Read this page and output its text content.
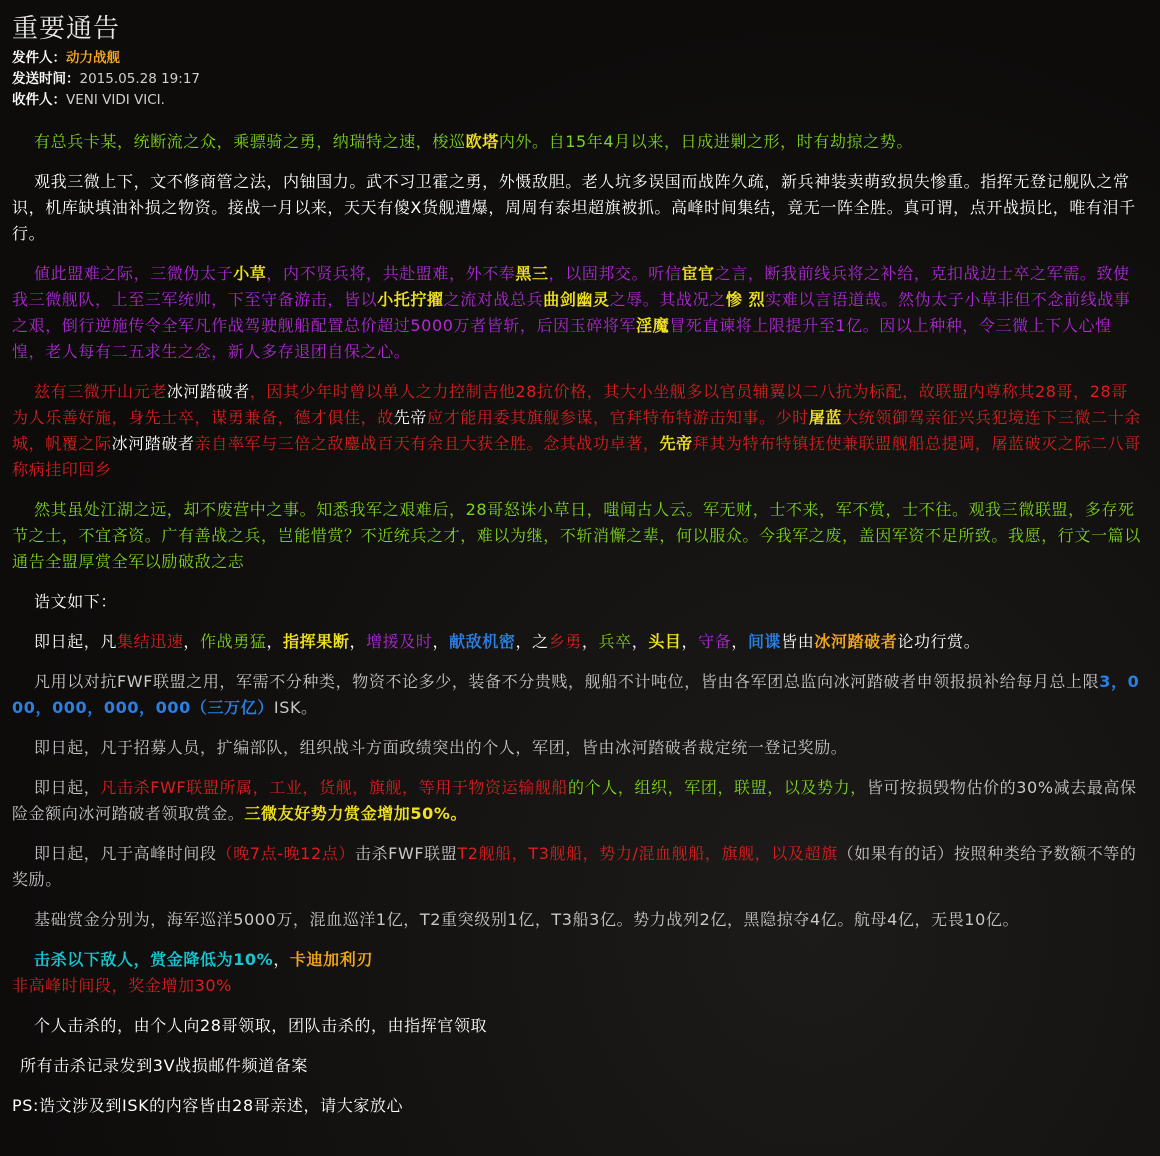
重要通告
发件人：动力战舰
发送时间：2015.05.28 19:17
收件人：VENI VIDI VICI.

有总兵卡某，统断流之众，乘骠骑之勇，纳瑞特之速，梭巡欧塔内外。自15年4月以来，日成进剿之形，时有劫掠之势。

观我三微上下，文不修商管之法，内铀国力。武不习卫霍之勇，外慑敌胆。老人坑多误国而战阵久疏，新兵神装卖萌致损失惨重。指挥无登记舰队之常识，机库缺填油补损之物资。接战一月以来，天天有傻X货舰遭爆，周周有泰坦超旗被抓。高峰时间集结，竟无一阵全胜。真可谓，点开战损比，唯有泪千行。

値此盟难之际，三微伪太子小草，内不贤兵将，共赴盟难，外不奉黑三，以固邦交。听信宦官之言，断我前线兵将之补给，克扣战边士卒之军需。致使我三微舰队，上至三军统帅，下至守备游击，皆以小托拧擢之流对战总兵曲剑幽灵之辱。其战况之惨 烈实难以言语道哉。然伪太子小草非但不念前线战事之艰，倒行逆施传令全军凡作战驾驶舰船配置总价超过5000万者皆斩，后因玉碎将军淫魔冒死直谏将上限提升至1亿。因以上种种，令三微上下人心惶惶，老人每有二五求生之念，新人多存退团自保之心。

兹有三微开山元老冰河踏破者，因其少年时曾以单人之力控制吉他28抗价格，其大小坐舰多以官员辅翼以二八抗为标配，故联盟内尊称其28哥，28哥为人乐善好施，身先士卒，谋勇兼备，德才俱佳，故先帝应才能用委其旗舰参谋，官拜特布特游击知事。少时屠蓝大统领御驾亲征兴兵犯境连下三微二十余城，帆覆之际冰河踏破者亲自率军与三倍之敌鏖战百天有余且大获全胜。念其战功卓著，先帝拜其为特布特镇抚使兼联盟舰船总提调，屠蓝破灭之际二八哥称病挂印回乡

然其虽处江湖之远，却不废营中之事。知悉我军之艰难后，28哥怒诛小草日，嗤闻古人云。军无财，士不来，军不赏，士不往。观我三微联盟，多存死节之士，不宜吝资。广有善战之兵，岂能惜赏？不近统兵之才，难以为继，不斩消懈之辈，何以服众。今我军之废，盖因军资不足所致。我愿，行文一篇以通告全盟厚赏全军以励破敌之志

诰文如下：

即日起，凡集结迅速，作战勇猛，指挥果断，增援及时，献敌机密，之乡勇，兵卒，头目，守备，间谍皆由冰河踏破者论功行赏。

凡用以对抗FWF联盟之用，军需不分种类，物资不论多少，装备不分贵贱，舰船不计吨位，皆由各军团总监向冰河踏破者申领报损补给每月总上限3，000，000，000，000（三万亿）ISK。

即日起，凡于招募人员，扩编部队，组织战斗方面政绩突出的个人，军团，皆由冰河踏破者裁定统一登记奖励。

即日起，凡击杀FWF联盟所属，工业，货舰，旗舰，等用于物资运输舰船的个人，组织，军团，联盟，以及势力，皆可按损毁物估价的30%减去最高保险金额向冰河踏破者领取赏金。三微友好势力赏金增加50%。

即日起，凡于高峰时间段（晚7点-晚12点）击杀FWF联盟T2舰船，T3舰船，势力/混血舰船，旗舰，以及超旗（如果有的话）按照种类给予数额不等的奖励。

基础赏金分别为，海军巡洋5000万，混血巡洋1亿，T2重突级别1亿，T3船3亿。势力战列2亿，黑隐掠夺4亿。航母4亿，无畏10亿。

击杀以下敌人，赏金降低为10%，卡迪加利刃
非高峰时间段，奖金增加30%

个人击杀的，由个人向28哥领取，团队击杀的，由指挥官领取

所有击杀记录发到3V战损邮件频道备案

PS:诰文涉及到ISK的内容皆由28哥亲述，请大家放心
